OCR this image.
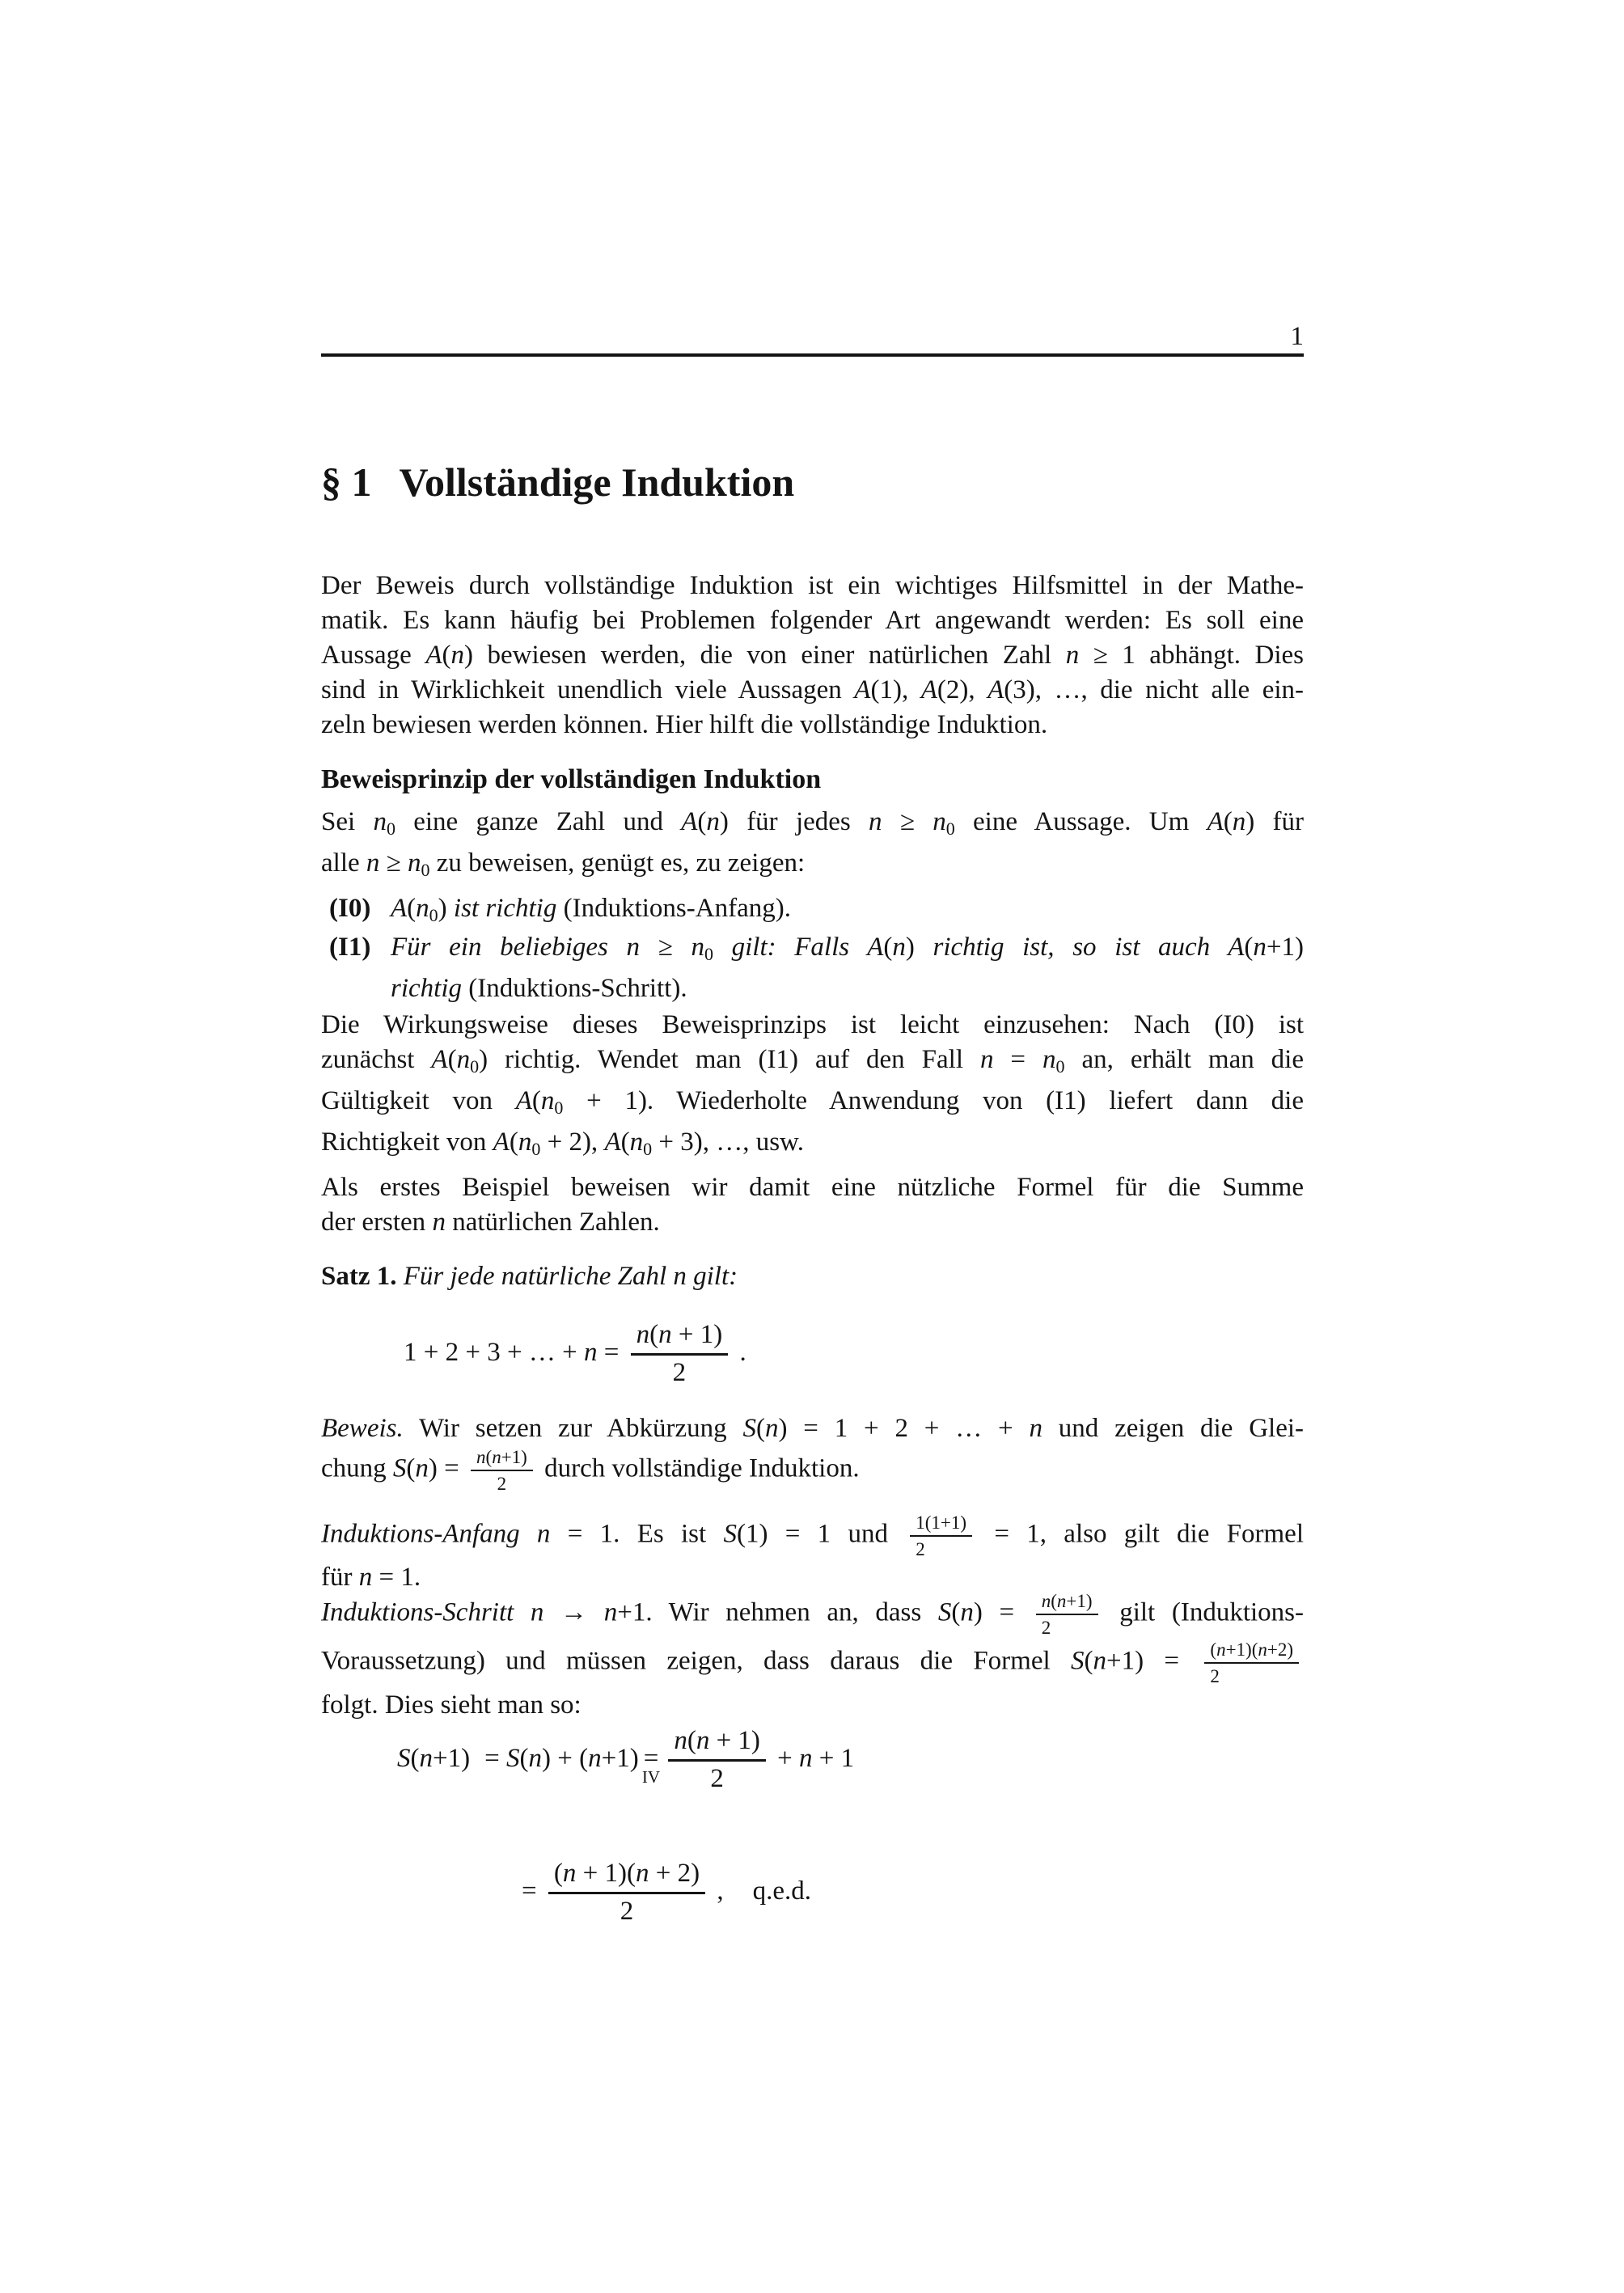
1
§ 1 Vollständige Induktion
Der Beweis durch vollständige Induktion ist ein wichtiges Hilfsmittel in der Mathe-
matik. Es kann häufig bei Problemen folgender Art angewandt werden: Es soll eine
Aussage A(n) bewiesen werden, die von einer natürlichen Zahl n ≥ 1 abhängt. Dies
sind in Wirklichkeit unendlich viele Aussagen A(1), A(2), A(3), …, die nicht alle ein-
zeln bewiesen werden können. Hier hilft die vollständige Induktion.
Beweisprinzip der vollständigen Induktion
Sei n0 eine ganze Zahl und A(n) für jedes n ≥ n0 eine Aussage. Um A(n) für
alle n ≥ n0 zu beweisen, genügt es, zu zeigen:
(I0) A(n0) ist richtig (Induktions-Anfang).
(I1) Für ein beliebiges n ≥ n0 gilt: Falls A(n) richtig ist, so ist auch A(n+1)
richtig (Induktions-Schritt).
Die Wirkungsweise dieses Beweisprinzips ist leicht einzusehen: Nach (I0) ist
zunächst A(n0) richtig. Wendet man (I1) auf den Fall n = n0 an, erhält man die
Gültigkeit von A(n0 + 1). Wiederholte Anwendung von (I1) liefert dann die
Richtigkeit von A(n0 + 2), A(n0 + 3), …, usw.
Als erstes Beispiel beweisen wir damit eine nützliche Formel für die Summe
der ersten n natürlichen Zahlen.
Satz 1. Für jede natürliche Zahl n gilt:
1 + 2 + 3 + … + $n = \frac{n(n + 1)}{2}$ .
Beweis. Wir setzen zur Abkürzung S(n) = 1 + 2 + … + n und zeigen die Glei-
chung $S(n) = \frac{n(n+1)}{2}$ durch vollständige Induktion.
Induktions-Anfang n = 1. Es ist S(1) = 1 und $\frac{1(1+1)}{2} = 1$, also gilt die Formel
für n = 1.
Induktions-Schritt n → n+1. Wir nehmen an, dass $S(n) = \frac{n(n+1)}{2}$ gilt (Induktions-
Voraussetzung) und müssen zeigen, dass daraus die Formel $S(n+1) = \frac{(n+1)(n+2)}{2}$
folgt. Dies sieht man so:
S(n+1) = S(n) + (n+1) =
IV $\frac{n(n + 1)}{2} + n + 1$
= $\frac{(n + 1)(n + 2)}{2}$ , q.e.d.
